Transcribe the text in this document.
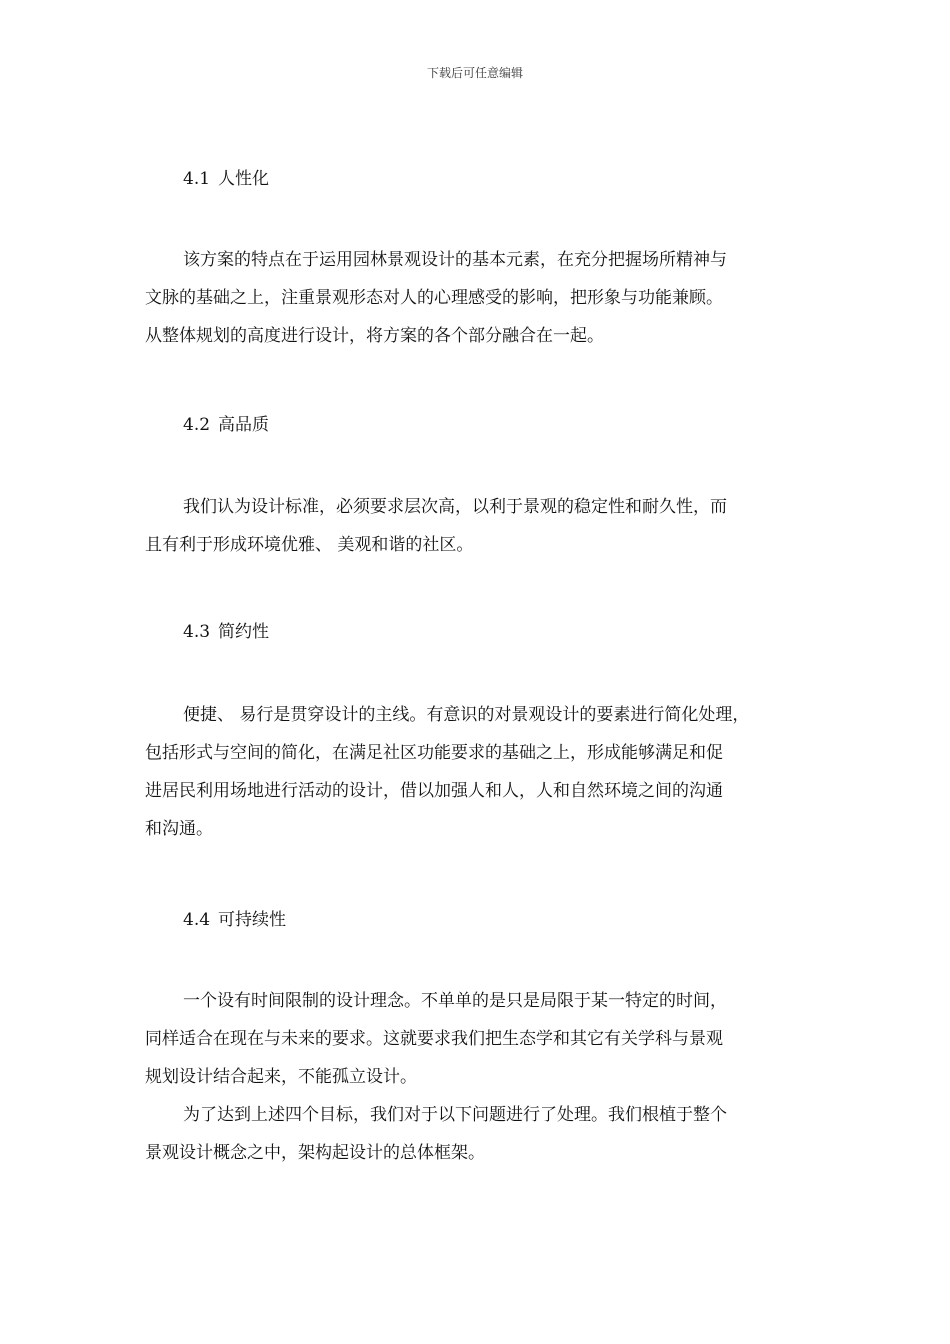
下载后可任意编辑
4.1 人性化
该方案的特点在于运用园林景观设计的基本元素，在充分把握场所精神与
文脉的基础之上，注重景观形态对人的心理感受的影响，把形象与功能兼顾。
从整体规划的高度进行设计，将方案的各个部分融合在一起。
4.2 高品质
我们认为设计标准，必须要求层次高，以利于景观的稳定性和耐久性，而
且有利于形成环境优雅、 美观和谐的社区。
4.3 简约性
便捷、 易行是贯穿设计的主线。有意识的对景观设计的要素进行简化处理，
包括形式与空间的简化，在满足社区功能要求的基础之上，形成能够满足和促
进居民利用场地进行活动的设计，借以加强人和人，人和自然环境之间的沟通
和沟通。
4.4 可持续性
一个设有时间限制的设计理念。不单单的是只是局限于某一特定的时间，
同样适合在现在与未来的要求。这就要求我们把生态学和其它有关学科与景观
规划设计结合起来，不能孤立设计。
为了达到上述四个目标，我们对于以下问题进行了处理。我们根植于整个
景观设计概念之中，架构起设计的总体框架。
